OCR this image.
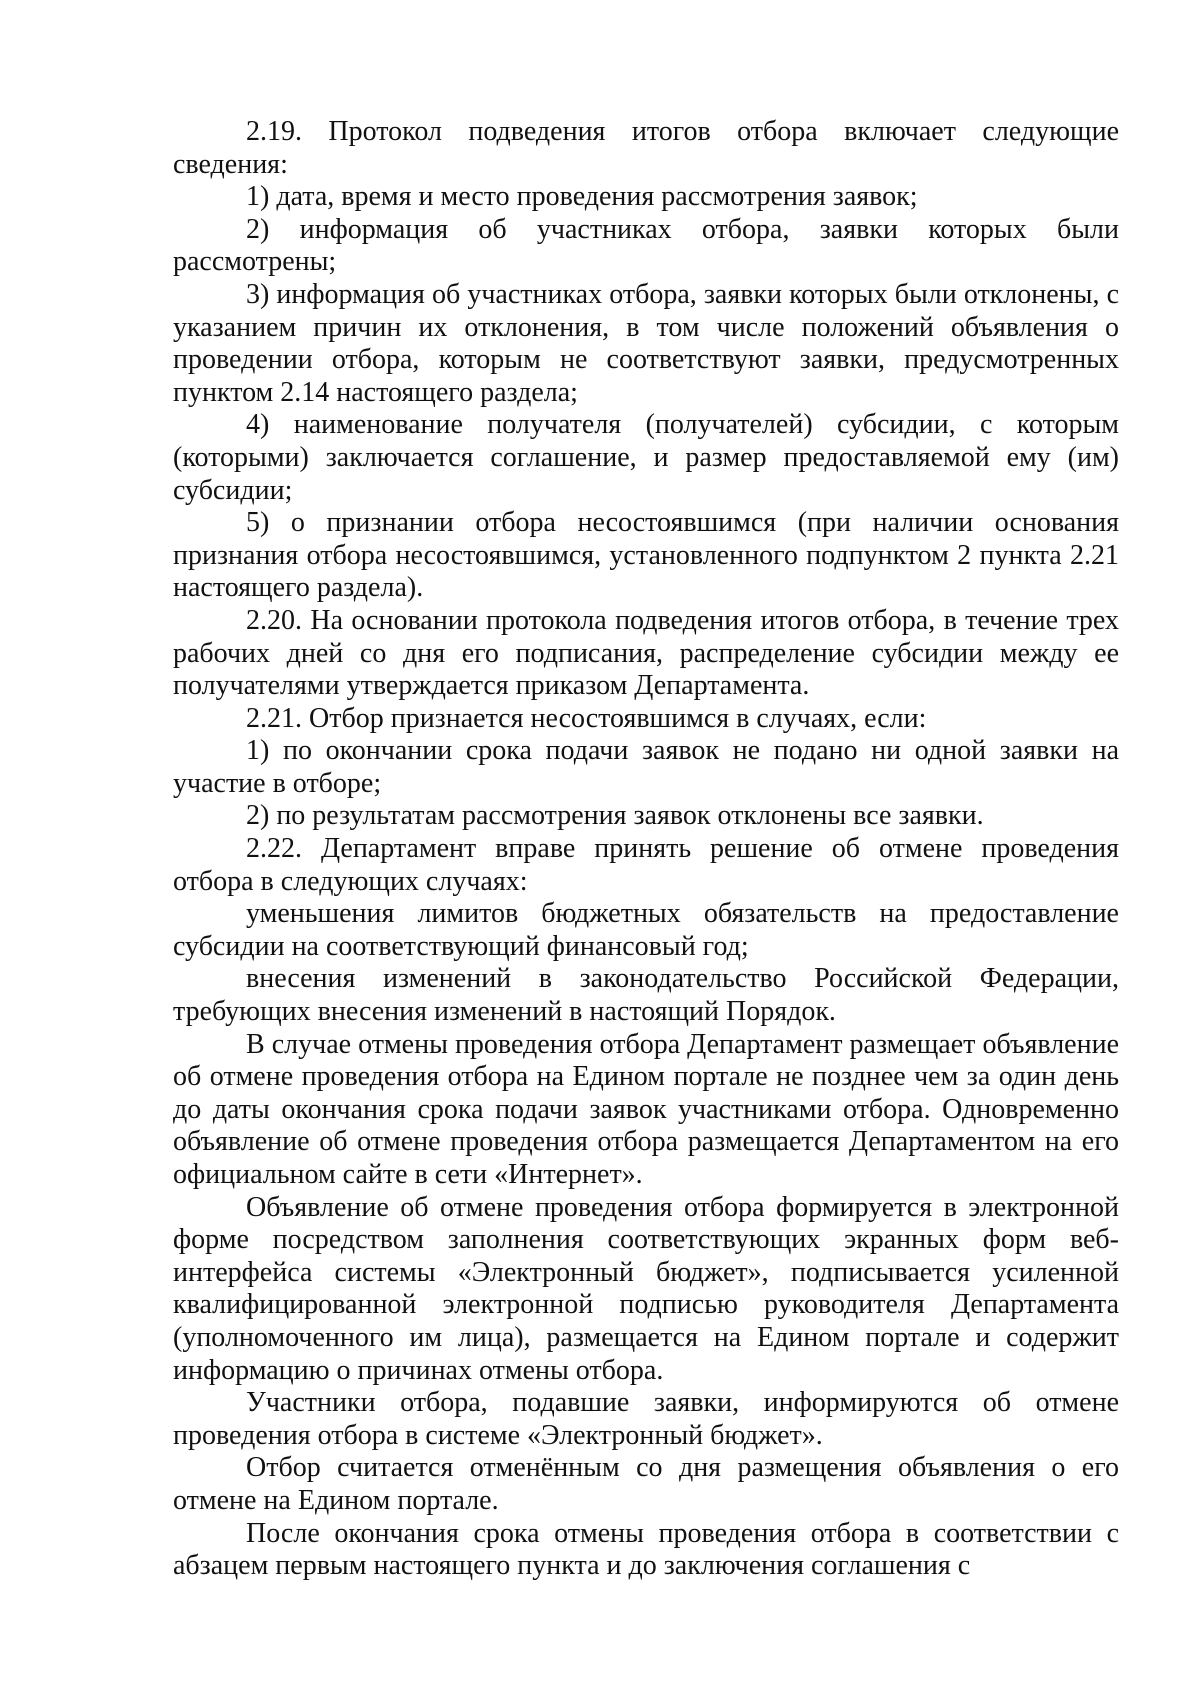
2.19. Протокол подведения итогов отбора включает следующие сведения:

1) дата, время и место проведения рассмотрения заявок;

2) информация об участниках отбора, заявки которых были рассмотрены;

3) информация об участниках отбора, заявки которых были отклонены, с указанием причин их отклонения, в том числе положений объявления о проведении отбора, которым не соответствуют заявки, предусмотренных пунктом 2.14 настоящего раздела;

4) наименование получателя (получателей) субсидии, с которым (которыми) заключается соглашение, и размер предоставляемой ему (им) субсидии;

5) о признании отбора несостоявшимся (при наличии основания признания отбора несостоявшимся, установленного подпунктом 2 пункта 2.21 настоящего раздела).

2.20. На основании протокола подведения итогов отбора, в течение трех рабочих дней со дня его подписания, распределение субсидии между ее получателями утверждается приказом Департамента.

2.21. Отбор признается несостоявшимся в случаях, если:

1) по окончании срока подачи заявок не подано ни одной заявки на участие в отборе;

2) по результатам рассмотрения заявок отклонены все заявки.

2.22. Департамент вправе принять решение об отмене проведения отбора в следующих случаях:

уменьшения лимитов бюджетных обязательств на предоставление субсидии на соответствующий финансовый год;

внесения изменений в законодательство Российской Федерации, требующих внесения изменений в настоящий Порядок.

В случае отмены проведения отбора Департамент размещает объявление об отмене проведения отбора на Едином портале не позднее чем за один день до даты окончания срока подачи заявок участниками отбора. Одновременно объявление об отмене проведения отбора размещается Департаментом на его официальном сайте в сети «Интернет».

Объявление об отмене проведения отбора формируется в электронной форме посредством заполнения соответствующих экранных форм веб-интерфейса системы «Электронный бюджет», подписывается усиленной квалифицированной электронной подписью руководителя Департамента (уполномоченного им лица), размещается на Едином портале и содержит информацию о причинах отмены отбора.

Участники отбора, подавшие заявки, информируются об отмене проведения отбора в системе «Электронный бюджет».

Отбор считается отменённым со дня размещения объявления о его отмене на Едином портале.

После окончания срока отмены проведения отбора в соответствии с абзацем первым настоящего пункта и до заключения соглашения с
